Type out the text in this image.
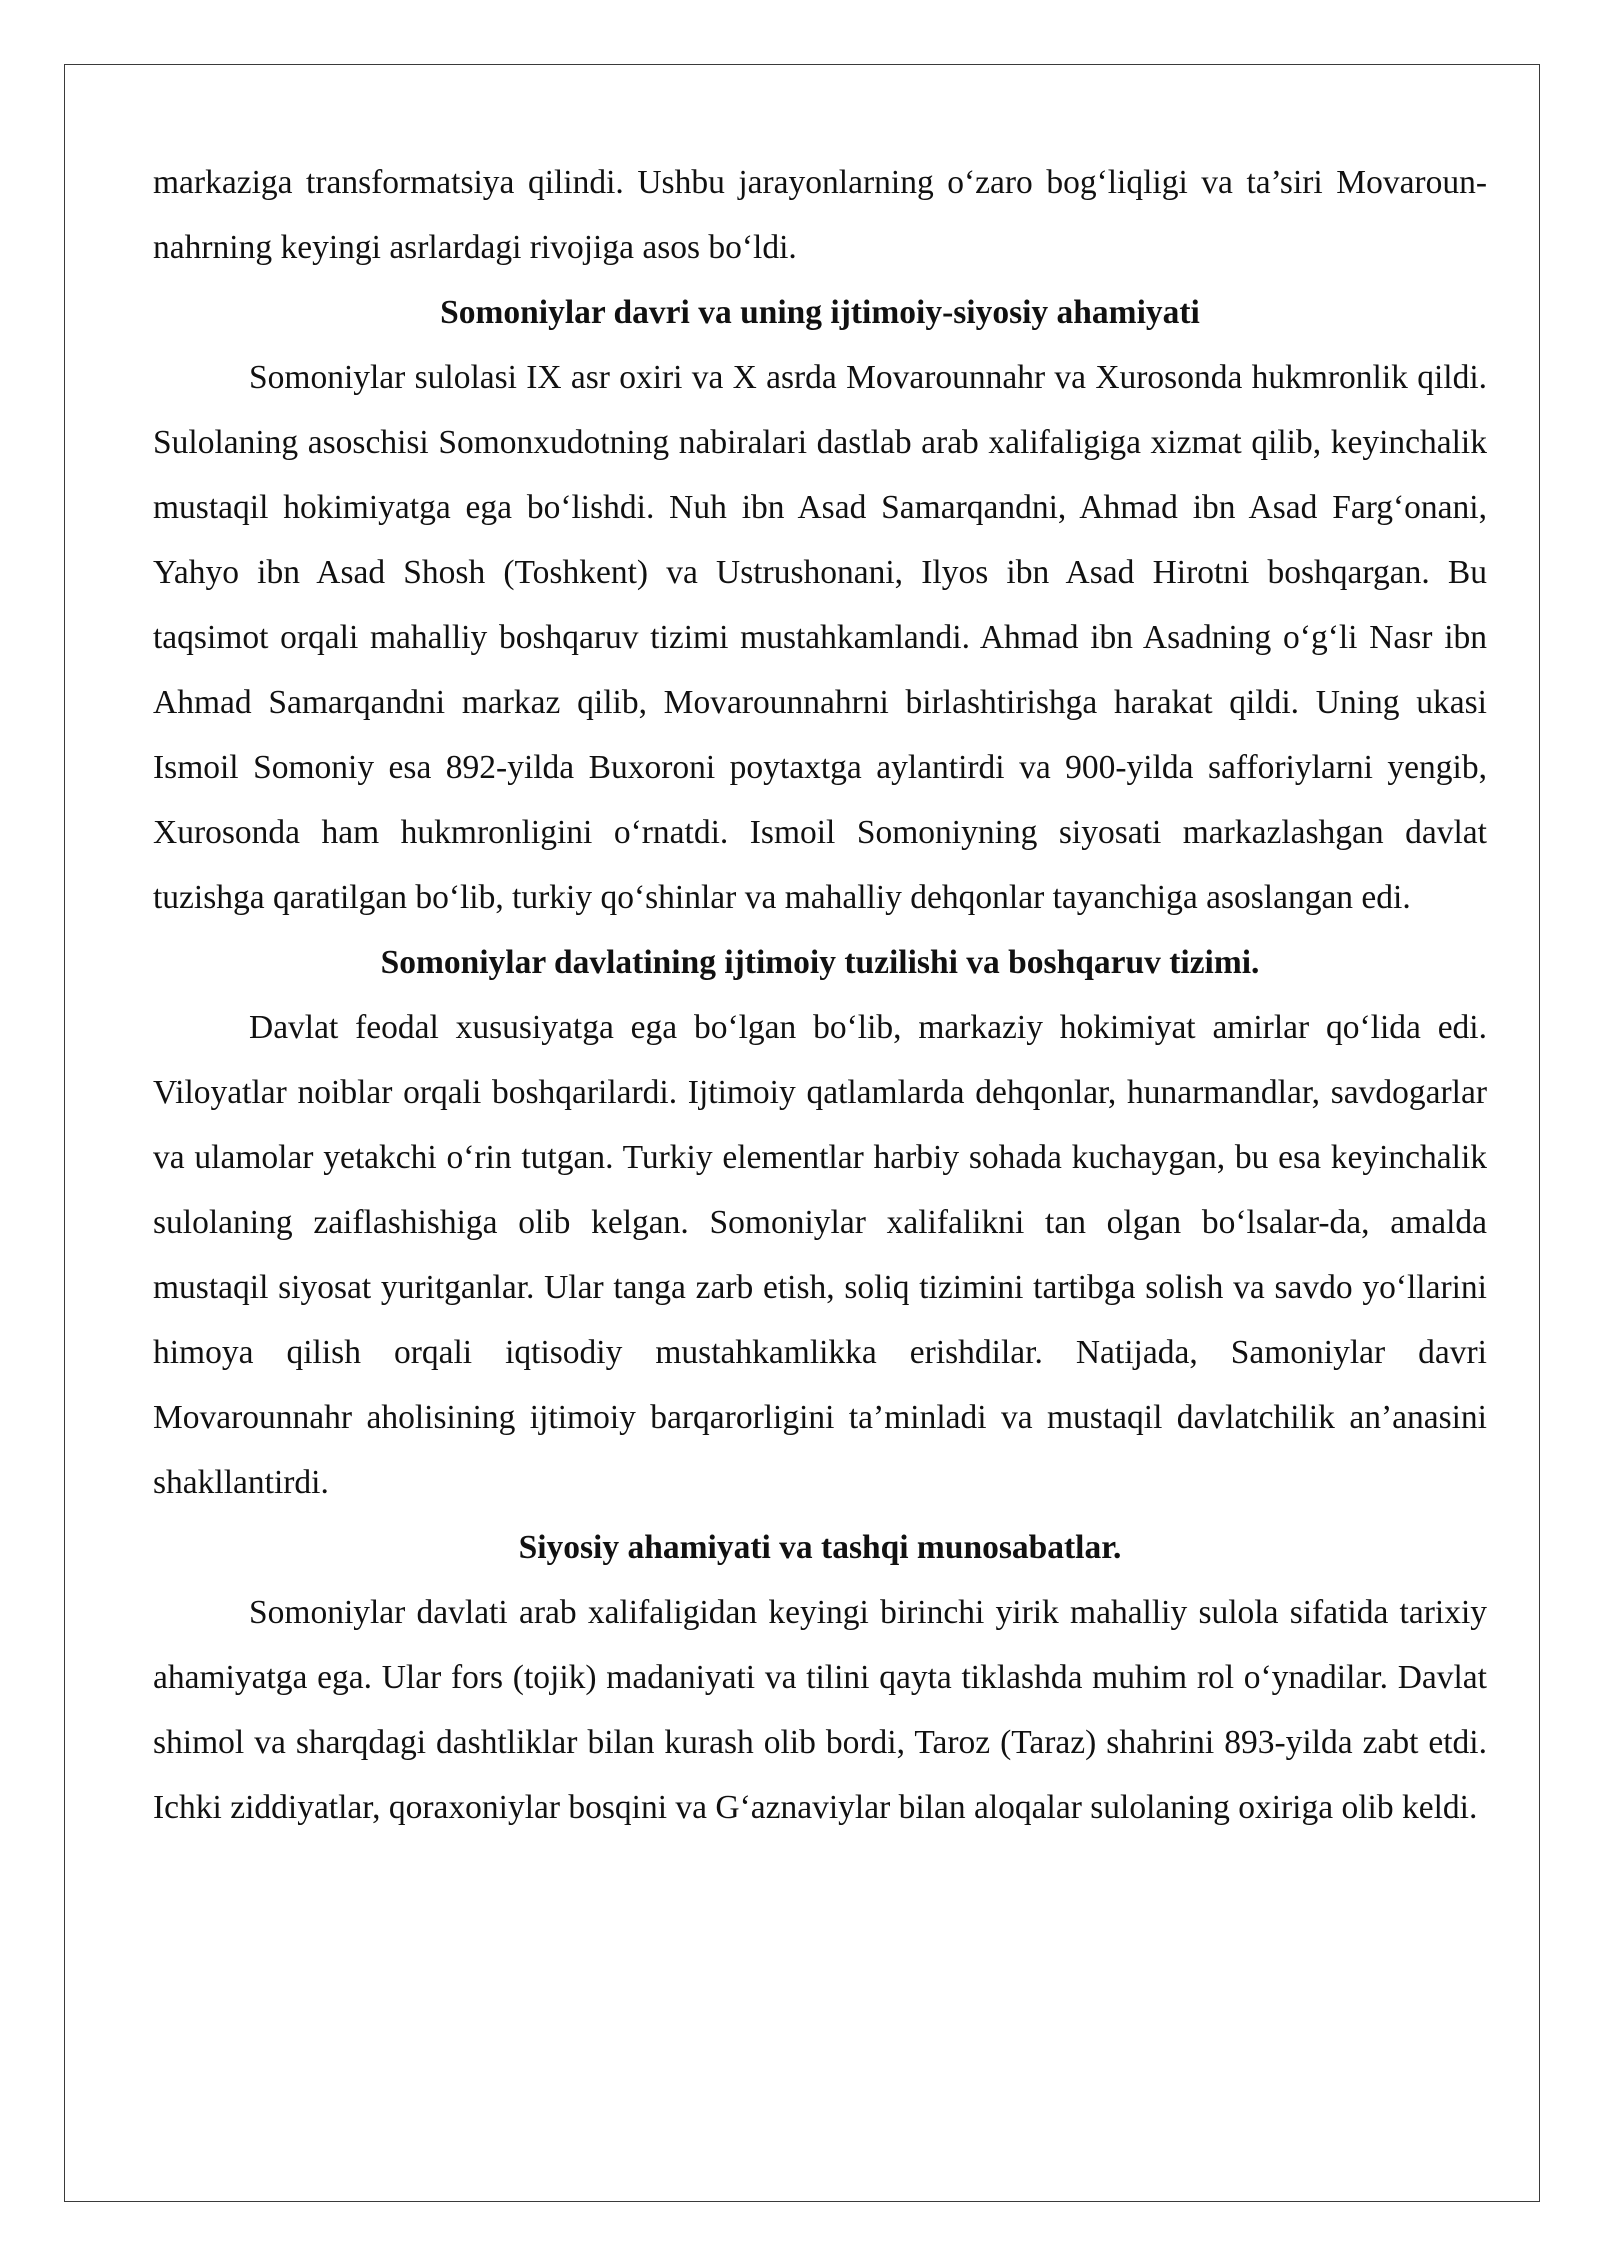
markaziga transformatsiya qilindi. Ushbu jarayonlarning o‘zaro bog‘liqligi va ta’siri Movarounnahrning keyingi asrlardagi rivojiga asos bo‘ldi.

Somoniylar davri va uning ijtimoiy-siyosiy ahamiyati

Somoniylar sulolasi IX asr oxiri va X asrda Movarounnahr va Xurosonda hukmronlik qildi. Sulolaning asoschisi Somonxudotning nabiralari dastlab arab xalifaligiga xizmat qilib, keyinchalik mustaqil hokimiyatga ega bo‘lishdi. Nuh ibn Asad Samarqandni, Ahmad ibn Asad Farg‘onani, Yahyo ibn Asad Shosh (Toshkent) va Ustrushonani, Ilyos ibn Asad Hirotni boshqargan. Bu taqsimot orqali mahalliy boshqaruv tizimi mustahkamlandi. Ahmad ibn Asadning o‘g‘li Nasr ibn Ahmad Samarqandni markaz qilib, Movarounnahrni birlashtirishga harakat qildi. Uning ukasi Ismoil Somoniy esa 892-yilda Buxoroni poytaxtga aylantirdi va 900-yilda safforiylarni yengib, Xurosonda ham hukmronligini o‘rnatdi. Ismoil Somoniyning siyosati markazlashgan davlat tuzishga qaratilgan bo‘lib, turkiy qo‘shinlar va mahalliy dehqonlar tayanchiga asoslangan edi.

Somoniylar davlatining ijtimoiy tuzilishi va boshqaruv tizimi.

Davlat feodal xususiyatga ega bo‘lgan bo‘lib, markaziy hokimiyat amirlar qo‘lida edi. Viloyatlar noiblar orqali boshqarilardi. Ijtimoiy qatlamlarda dehqonlar, hunarmandlar, savdogarlar va ulamolar yetakchi o‘rin tutgan. Turkiy elementlar harbiy sohada kuchaygan, bu esa keyinchalik sulolaning zaiflashishiga olib kelgan. Somoniylar xalifalikni tan olgan bo‘lsalar-da, amalda mustaqil siyosat yuritganlar. Ular tanga zarb etish, soliq tizimini tartibga solish va savdo yo‘llarini himoya qilish orqali iqtisodiy mustahkamlikka erishdilar. Natijada, Samoniylar davri Movarounnahr aholisining ijtimoiy barqarorligini ta’minladi va mustaqil davlatchilik an’anasini shakllantirdi.

Siyosiy ahamiyati va tashqi munosabatlar.

Somoniylar davlati arab xalifaligidan keyingi birinchi yirik mahalliy sulola sifatida tarixiy ahamiyatga ega. Ular fors (tojik) madaniyati va tilini qayta tiklashda muhim rol o‘ynadilar. Davlat shimol va sharqdagi dashtliklar bilan kurash olib bordi, Taroz (Taraz) shahrini 893-yilda zabt etdi. Ichki ziddiyatlar, qoraxoniylar bosqini va G‘aznaviylar bilan aloqalar sulolaning oxiriga olib keldi.
